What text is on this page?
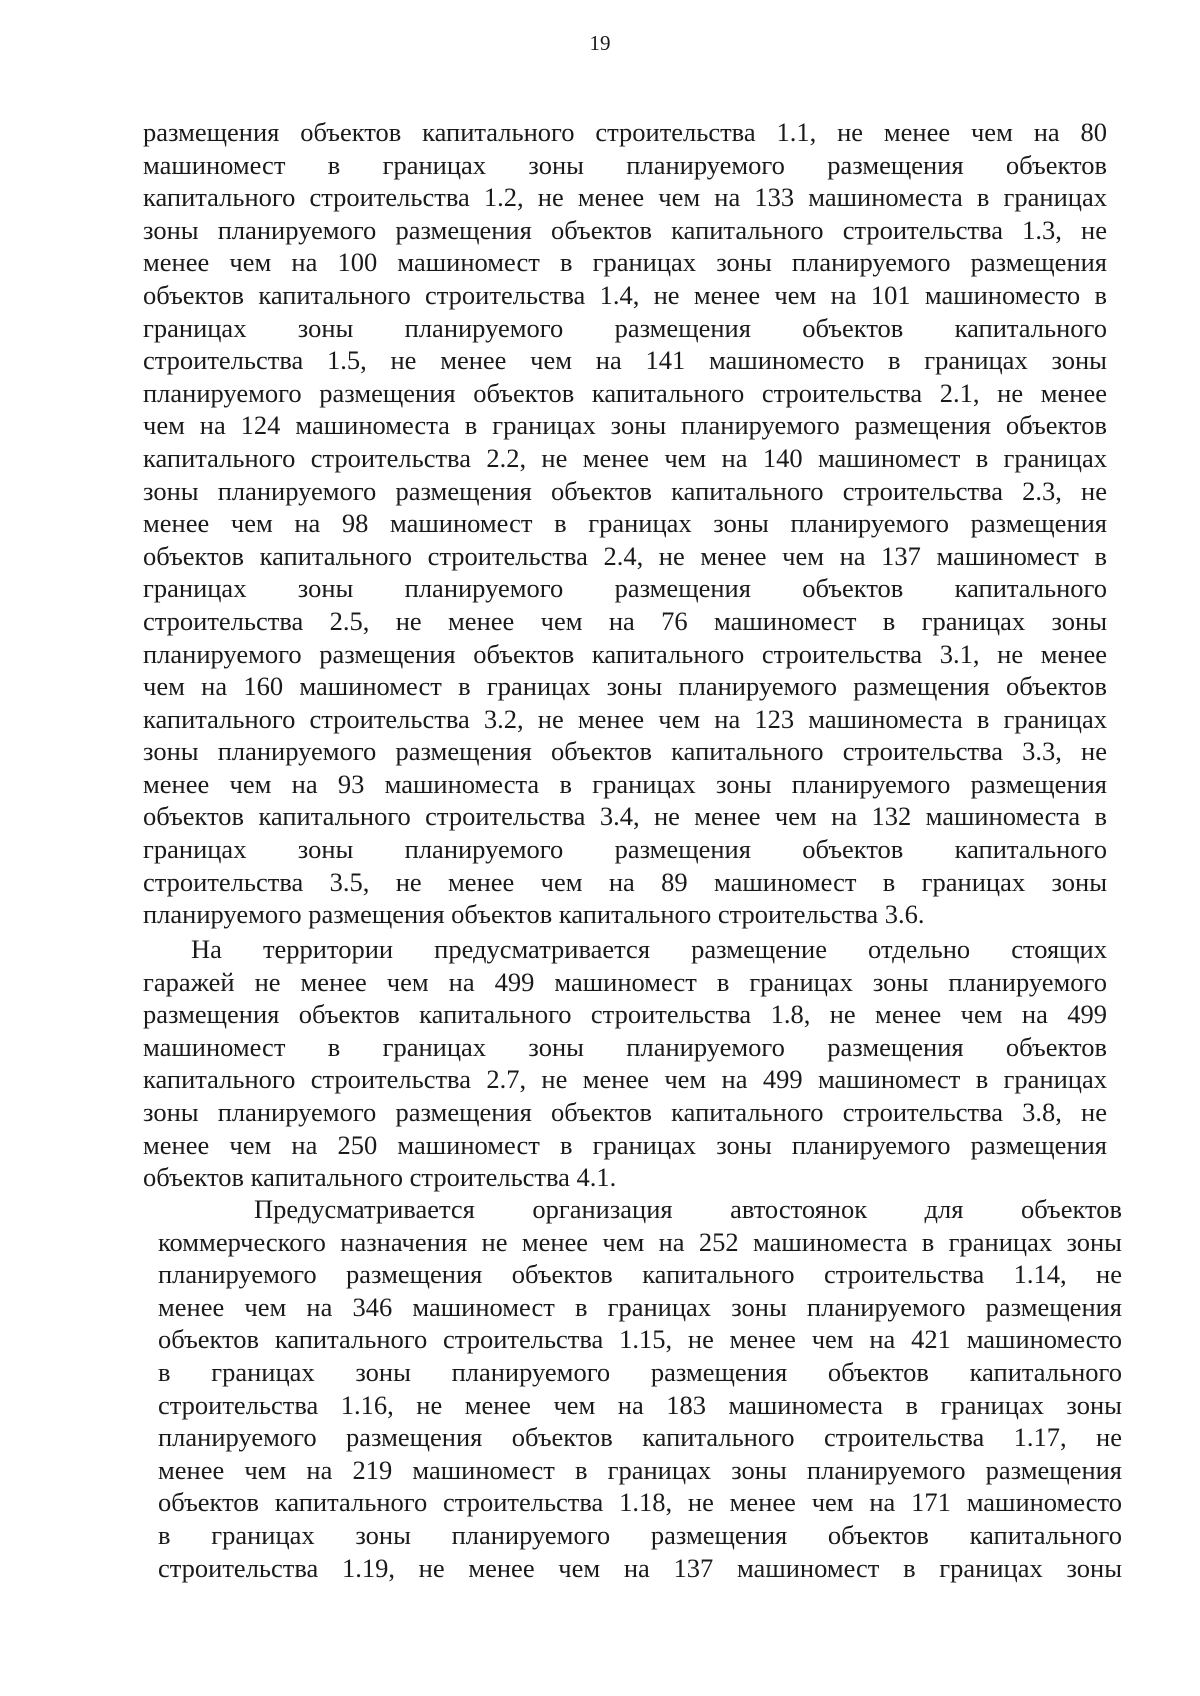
19
размещения объектов капитального строительства 1.1, не менее чем на 80
машиномест в границах зоны планируемого размещения объектов
капитального строительства 1.2, не менее чем на 133 машиноместа в границах
зоны планируемого размещения объектов капитального строительства 1.3, не
менее чем на 100 машиномест в границах зоны планируемого размещения
объектов капитального строительства 1.4, не менее чем на 101 машиноместо в
границах зоны планируемого размещения объектов капитального
строительства 1.5, не менее чем на 141 машиноместо в границах зоны
планируемого размещения объектов капитального строительства 2.1, не менее
чем на 124 машиноместа в границах зоны планируемого размещения объектов
капитального строительства 2.2, не менее чем на 140 машиномест в границах
зоны планируемого размещения объектов капитального строительства 2.3, не
менее чем на 98 машиномест в границах зоны планируемого размещения
объектов капитального строительства 2.4, не менее чем на 137 машиномест в
границах зоны планируемого размещения объектов капитального
строительства 2.5, не менее чем на 76 машиномест в границах зоны
планируемого размещения объектов капитального строительства 3.1, не менее
чем на 160 машиномест в границах зоны планируемого размещения объектов
капитального строительства 3.2, не менее чем на 123 машиноместа в границах
зоны планируемого размещения объектов капитального строительства 3.3, не
менее чем на 93 машиноместа в границах зоны планируемого размещения
объектов капитального строительства 3.4, не менее чем на 132 машиноместа в
границах зоны планируемого размещения объектов капитального
строительства 3.5, не менее чем на 89 машиномест в границах зоны
планируемого размещения объектов капитального строительства 3.6.
На территории предусматривается размещение отдельно стоящих
гаражей не менее чем на 499 машиномест в границах зоны планируемого
размещения объектов капитального строительства 1.8, не менее чем на 499
машиномест в границах зоны планируемого размещения объектов
капитального строительства 2.7, не менее чем на 499 машиномест в границах
зоны планируемого размещения объектов капитального строительства 3.8, не
менее чем на 250 машиномест в границах зоны планируемого размещения
объектов капитального строительства 4.1.
Предусматривается организация автостоянок для объектов
коммерческого назначения не менее чем на 252 машиноместа в границах зоны
планируемого размещения объектов капитального строительства 1.14, не
менее чем на 346 машиномест в границах зоны планируемого размещения
объектов капитального строительства 1.15, не менее чем на 421 машиноместо
в границах зоны планируемого размещения объектов капитального
строительства 1.16, не менее чем на 183 машиноместа в границах зоны
планируемого размещения объектов капитального строительства 1.17, не
менее чем на 219 машиномест в границах зоны планируемого размещения
объектов капитального строительства 1.18, не менее чем на 171 машиноместо
в границах зоны планируемого размещения объектов капитального
строительства 1.19, не менее чем на 137 машиномест в границах зоны
